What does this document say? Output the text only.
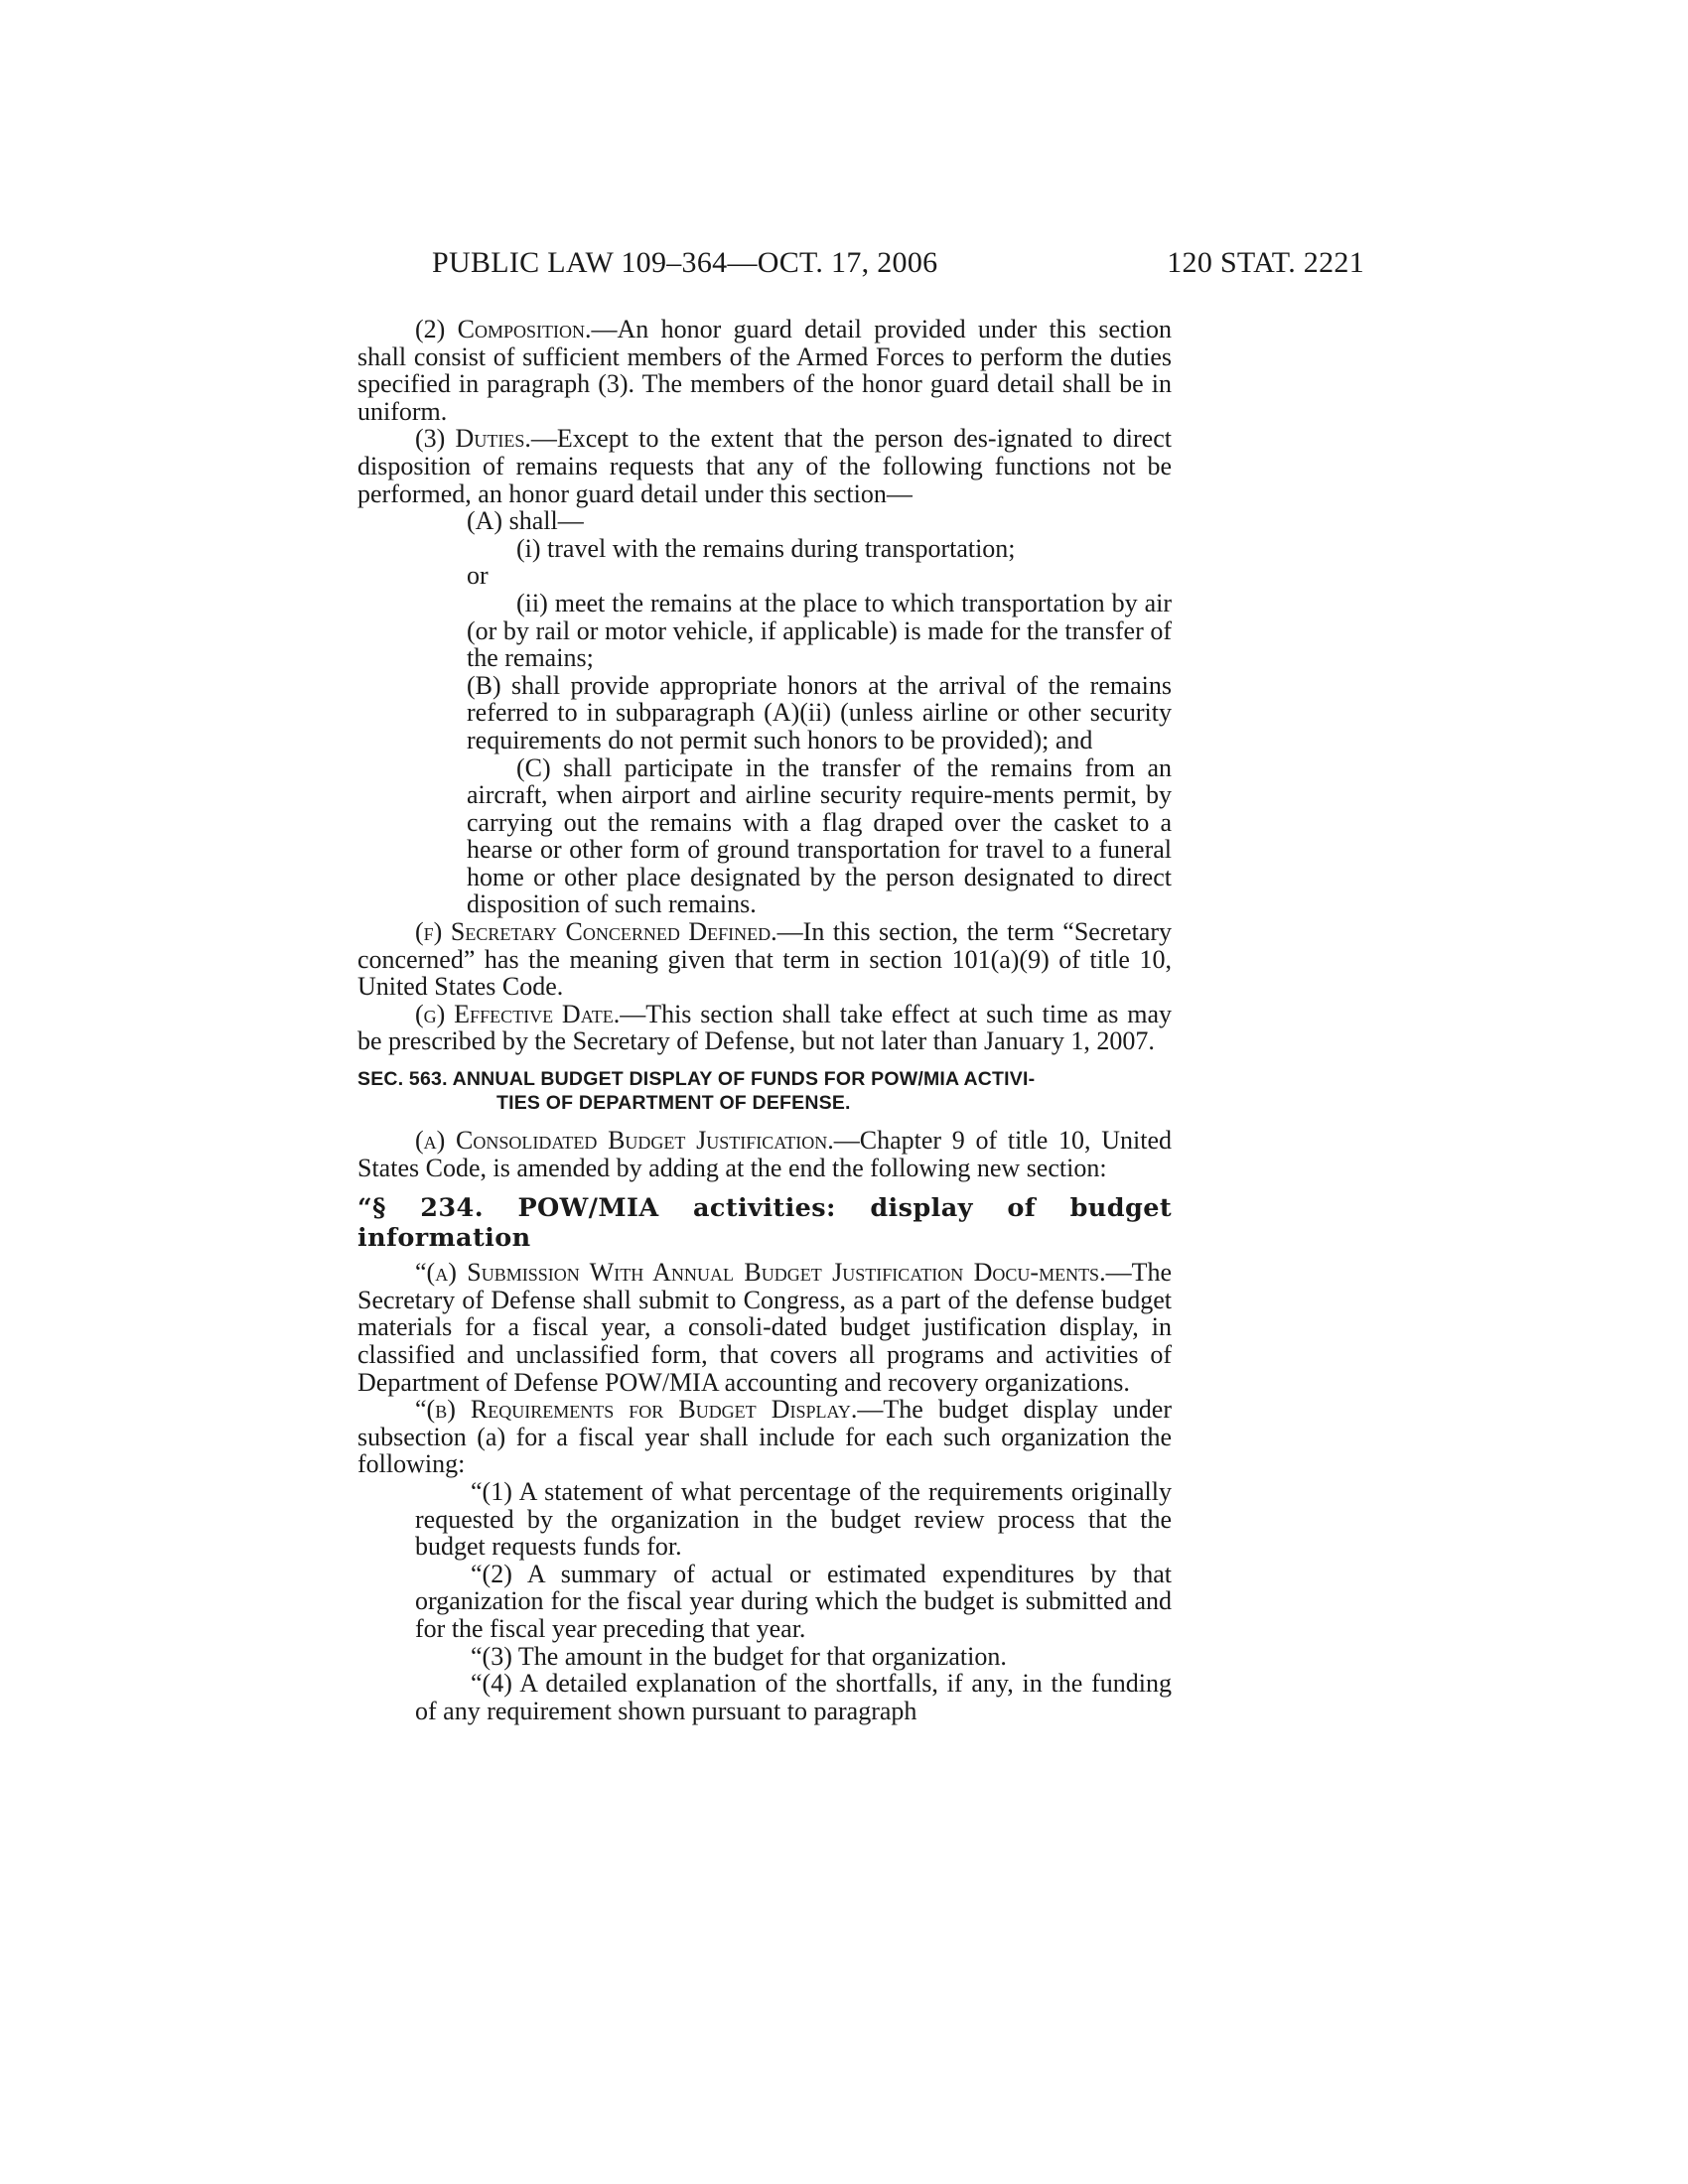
PUBLIC LAW 109–364—OCT. 17, 2006	120 STAT. 2221

(2) Composition.—An honor guard detail provided under this section shall consist of sufficient members of the Armed Forces to perform the duties specified in paragraph (3). The members of the honor guard detail shall be in uniform.

(3) Duties.—Except to the extent that the person des-ignated to direct disposition of remains requests that any of the following functions not be performed, an honor guard detail under this section—

(A) shall—

(i) travel with the remains during transportation;

or

(ii) meet the remains at the place to which transportation by air (or by rail or motor vehicle, if applicable) is made for the transfer of the remains;

(B) shall provide appropriate honors at the arrival of the remains referred to in subparagraph (A)(ii) (unless airline or other security requirements do not permit such honors to be provided); and

(C) shall participate in the transfer of the remains from an aircraft, when airport and airline security require-ments permit, by carrying out the remains with a flag draped over the casket to a hearse or other form of ground transportation for travel to a funeral home or other place designated by the person designated to direct disposition of such remains.

(f) Secretary Concerned Defined.—In this section, the term “Secretary concerned” has the meaning given that term in section 101(a)(9) of title 10, United States Code.

(g) Effective Date.—This section shall take effect at such time as may be prescribed by the Secretary of Defense, but not later than January 1, 2007.

SEC. 563. ANNUAL BUDGET DISPLAY OF FUNDS FOR POW/MIA ACTIVI-
TIES OF DEPARTMENT OF DEFENSE.

(a) Consolidated Budget Justification.—Chapter 9 of title 10, United States Code, is amended by adding at the end the following new section:

“§ 234. POW/MIA activities: display of budget information

“(a) Submission With Annual Budget Justification Docu-ments.—The Secretary of Defense shall submit to Congress, as a part of the defense budget materials for a fiscal year, a consoli-dated budget justification display, in classified and unclassified form, that covers all programs and activities of Department of Defense POW/MIA accounting and recovery organizations.

“(b) Requirements for Budget Display.—The budget display under subsection (a) for a fiscal year shall include for each such organization the following:

“(1) A statement of what percentage of the requirements originally requested by the organization in the budget review process that the budget requests funds for.

“(2) A summary of actual or estimated expenditures by that organization for the fiscal year during which the budget is submitted and for the fiscal year preceding that year.

“(3) The amount in the budget for that organization.

“(4) A detailed explanation of the shortfalls, if any, in the funding of any requirement shown pursuant to paragraph
